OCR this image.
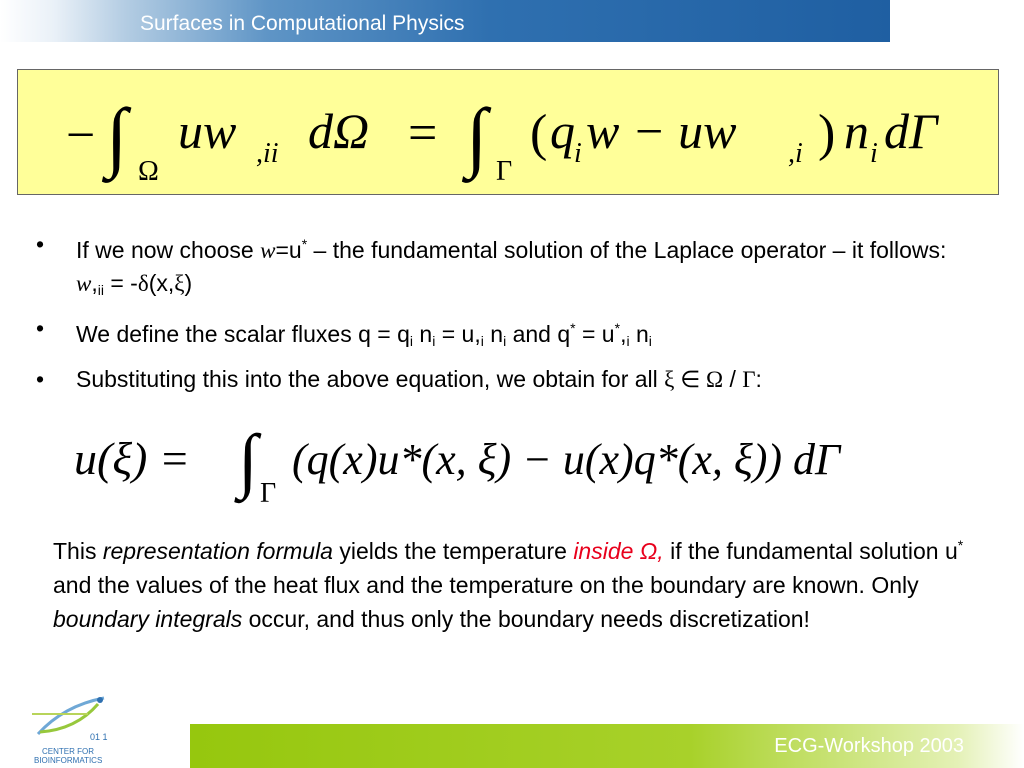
Surfaces in Computational Physics
− ∫ Ω
uw ,ii dΩ = ∫ Γ
( q i w − uw ,i ) n i dΓ
• If we now choose w=u* – the fundamental solution of the Laplace operator – it follows: $w,_{ii} = -\delta(x,\xi)$
• We define the scalar fluxes $q = q_i$ $n_i = u,_i$ $n_i$ and $q^* = u^*,_i$ $n_i$
• Substituting this into the above equation, we obtain for all ξ ∈ Ω / Γ:
u(ξ) = ∫ Γ
(q(x)u*(x, ξ) − u(x)q*(x, ξ)) dΓ
This representation formula yields the temperature inside Ω, if the fundamental solution u* and the values of the heat flux and the temperature on the boundary are known. Only boundary integrals occur, and thus only the boundary needs discretization!
01 1
CENTER FOR
BIOINFORMATICS
ECG-Workshop 2003
